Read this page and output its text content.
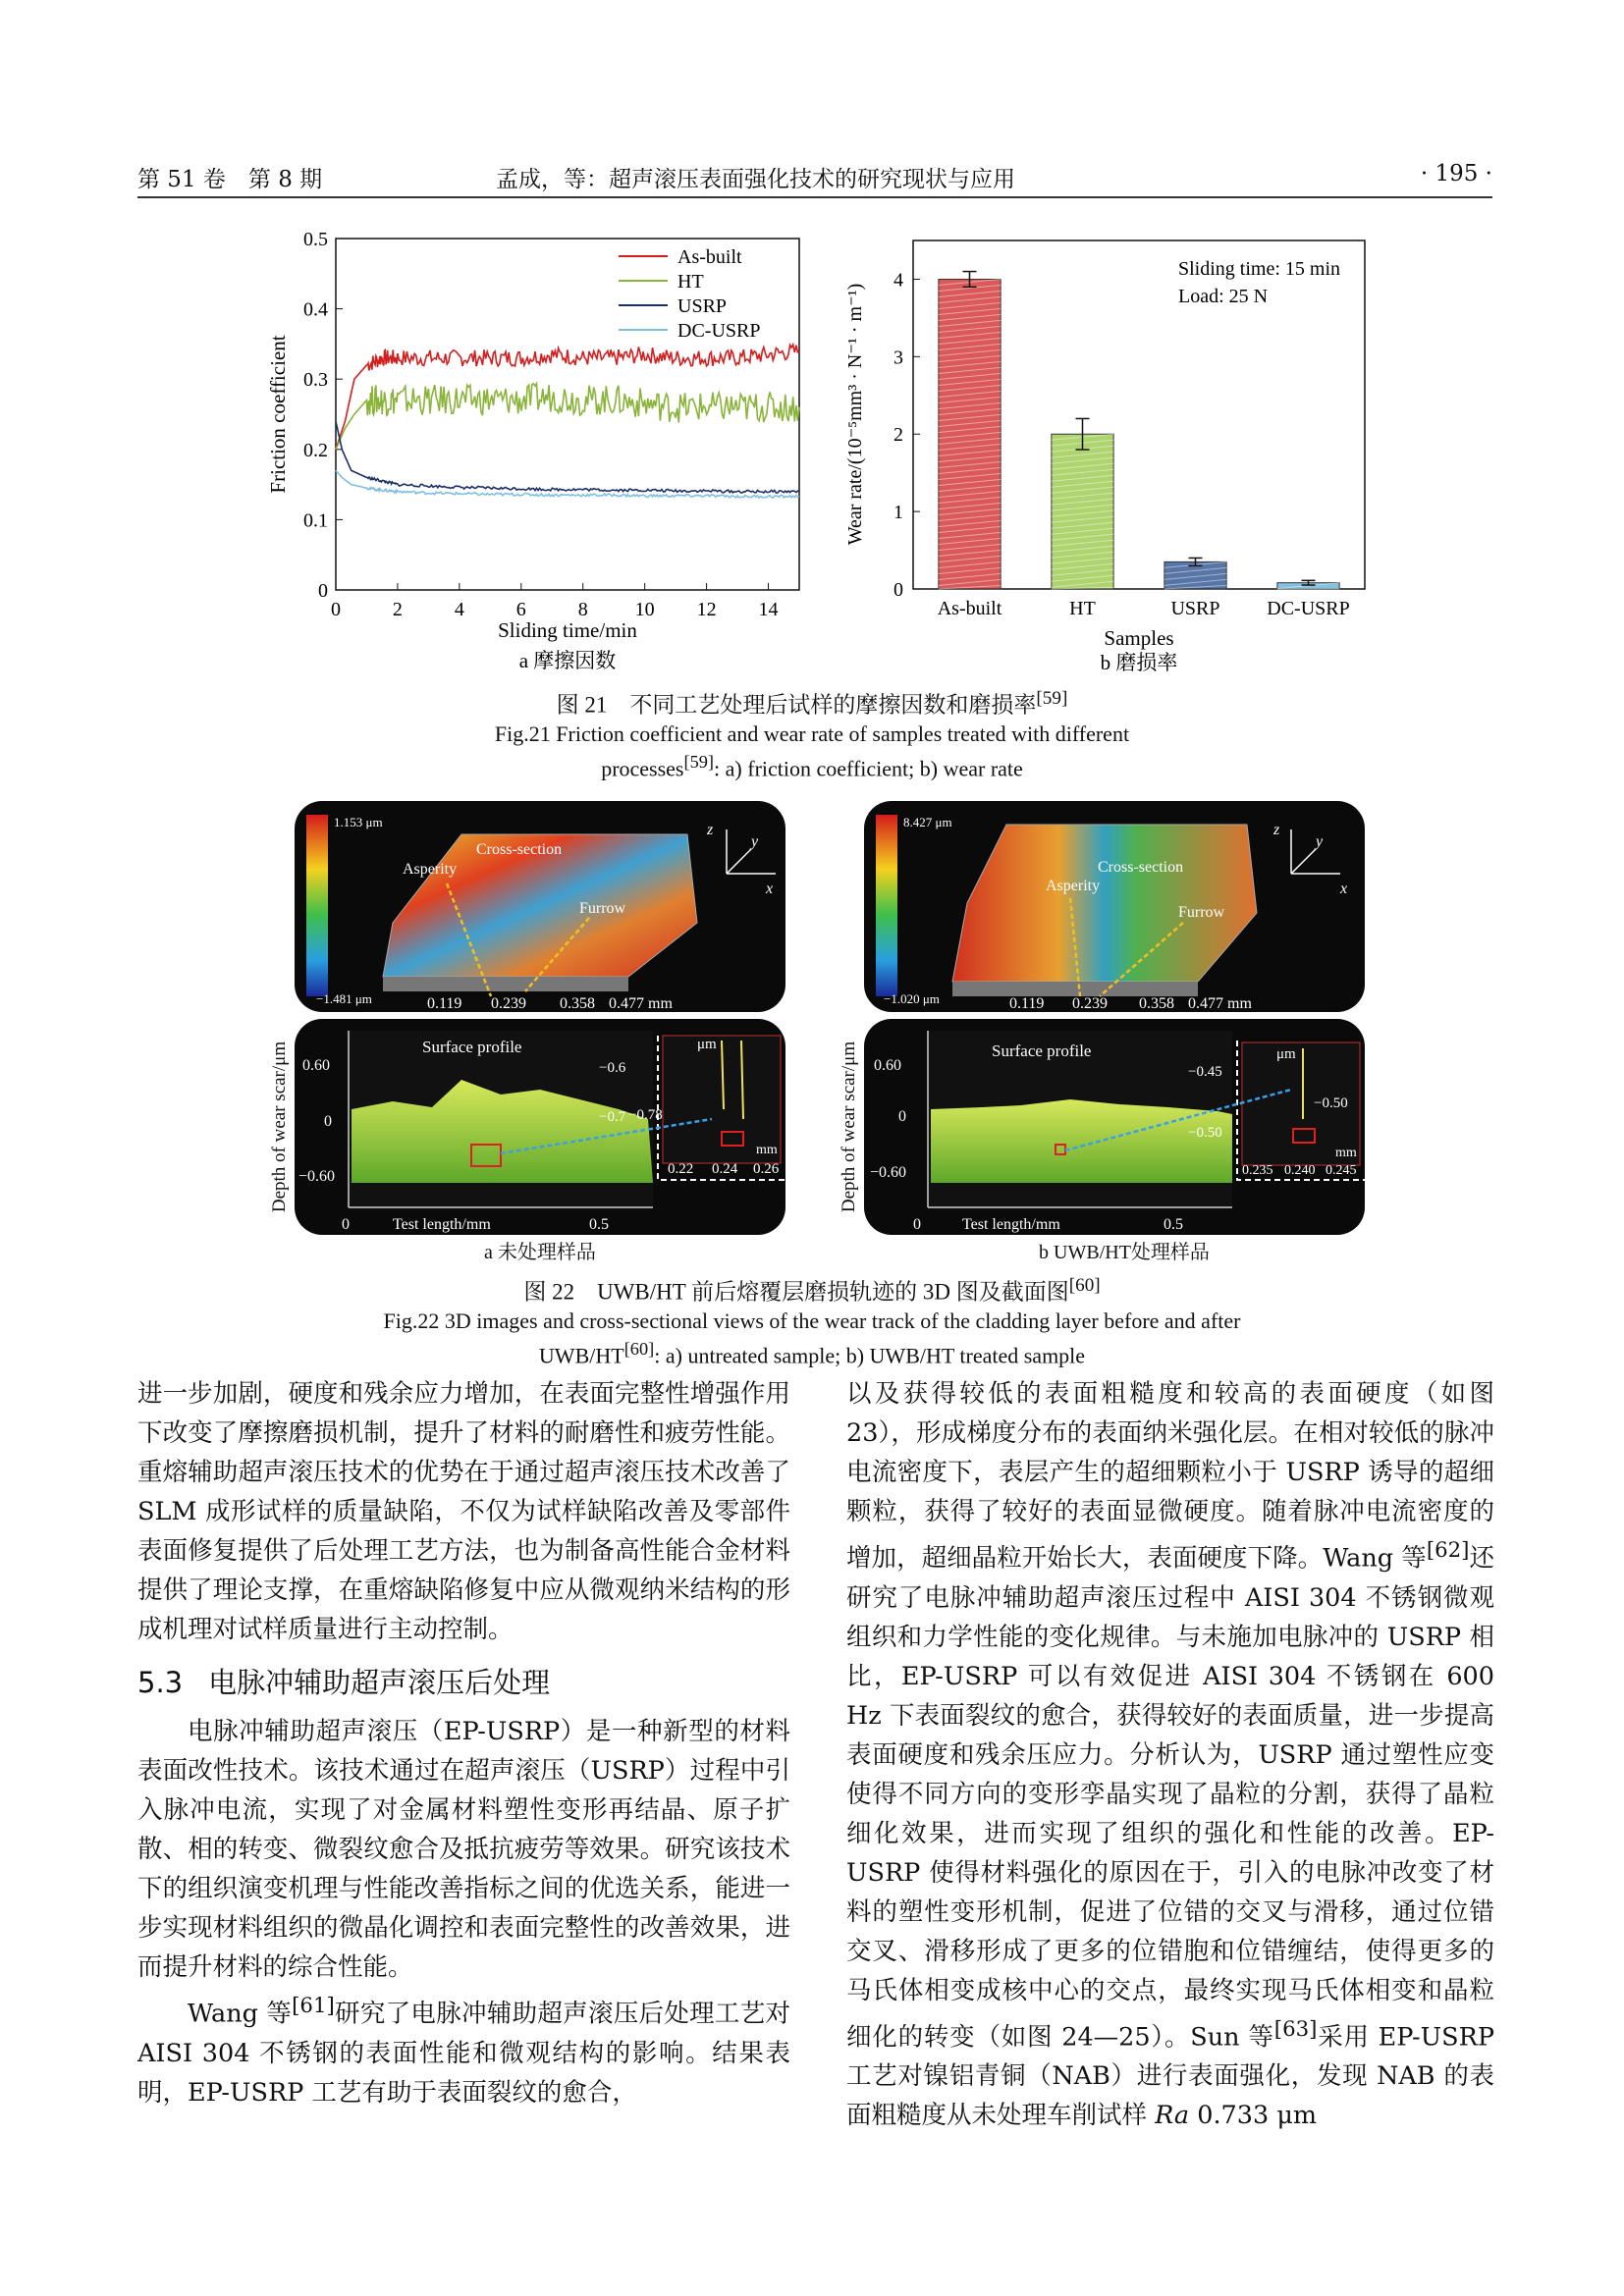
第 51 卷　第 8 期	孟成，等：超声滚压表面强化技术的研究现状与应用	· 195 ·
0
0.1
0.2
0.3
0.4
0.5
0	2	4	6	8 10 12 14
As-built
HT
USRP
DC-USRP
Sliding time/min
Friction coefficient
a 摩擦因数
0
1
2
3
4
As-built	HT	USRP DC-USRP
Sliding time: 15 min
Load: 25 N
Samples
Wear rate/(10⁻⁵mm³ · N⁻¹ · m⁻¹)
b 磨损率
图 21　不同工艺处理后试样的摩擦因数和磨损率[59]
Fig.21 Friction coefficient and wear rate of samples treated with different
processes[59]: a) friction coefficient; b) wear rate
1.153 μm
−1.481 μm
Asperity
Cross-section
Furrow
0.119 0.239 0.358 0.477 mm
z
y
x
Surface profile
0.60
0
−0.60
0	Test length/mm	0.5
μm
−0.6
−0.7 −0.78
0.22 0.24 0.26
mm
Depth of wear scar/μm
a 未处理样品
8.427 μm
−1.020 μm
Asperity
Cross-section
Furrow
0.119 0.239 0.358 0.477 mm
z
y
x
Surface profile
0.60
0
−0.60
0	Test length/mm	0.5
μm
−0.45
−0.50
−0.50
0.235 0.240 0.245
mm
Depth of wear scar/μm
b UWB/HT处理样品
图 22　UWB/HT 前后熔覆层磨损轨迹的 3D 图及截面图[60]
Fig.22 3D images and cross-sectional views of the wear track of the cladding layer before and after
UWB/HT[60]: a) untreated sample; b) UWB/HT treated sample

进一步加剧，硬度和残余应力增加，在表面完整性增强作用下改变了摩擦磨损机制，提升了材料的耐磨性和疲劳性能。重熔辅助超声滚压技术的优势在于通过超声滚压技术改善了 SLM 成形试样的质量缺陷，不仅为试样缺陷改善及零部件表面修复提供了后处理工艺方法，也为制备高性能合金材料提供了理论支撑，在重熔缺陷修复中应从微观纳米结构的形成机理对试样质量进行主动控制。

5.3 电脉冲辅助超声滚压后处理

电脉冲辅助超声滚压（EP-USRP）是一种新型的材料表面改性技术。该技术通过在超声滚压（USRP）过程中引入脉冲电流，实现了对金属材料塑性变形再结晶、原子扩散、相的转变、微裂纹愈合及抵抗疲劳等效果。研究该技术下的组织演变机理与性能改善指标之间的优选关系，能进一步实现材料组织的微晶化调控和表面完整性的改善效果，进而提升材料的综合性能。

Wang 等[61]研究了电脉冲辅助超声滚压后处理工艺对 AISI 304 不锈钢的表面性能和微观结构的影响。结果表明，EP-USRP 工艺有助于表面裂纹的愈合，

以及获得较低的表面粗糙度和较高的表面硬度（如图 23），形成梯度分布的表面纳米强化层。在相对较低的脉冲电流密度下，表层产生的超细颗粒小于 USRP 诱导的超细颗粒，获得了较好的表面显微硬度。随着脉冲电流密度的增加，超细晶粒开始长大，表面硬度下降。Wang 等[62]还研究了电脉冲辅助超声滚压过程中 AISI 304 不锈钢微观组织和力学性能的变化规律。与未施加电脉冲的 USRP 相比，EP-USRP 可以有效促进 AISI 304 不锈钢在 600 Hz 下表面裂纹的愈合，获得较好的表面质量，进一步提高表面硬度和残余压应力。分析认为，USRP 通过塑性应变使得不同方向的变形孪晶实现了晶粒的分割，获得了晶粒细化效果，进而实现了组织的强化和性能的改善。EP-USRP 使得材料强化的原因在于，引入的电脉冲改变了材料的塑性变形机制，促进了位错的交叉与滑移，通过位错交叉、滑移形成了更多的位错胞和位错缠结，使得更多的马氏体相变成核中心的交点，最终实现马氏体相变和晶粒细化的转变（如图 24—25）。Sun 等[63]采用 EP-USRP 工艺对镍铝青铜（NAB）进行表面强化，发现 NAB 的表面粗糙度从未处理车削试样 Ra 0.733 μm
